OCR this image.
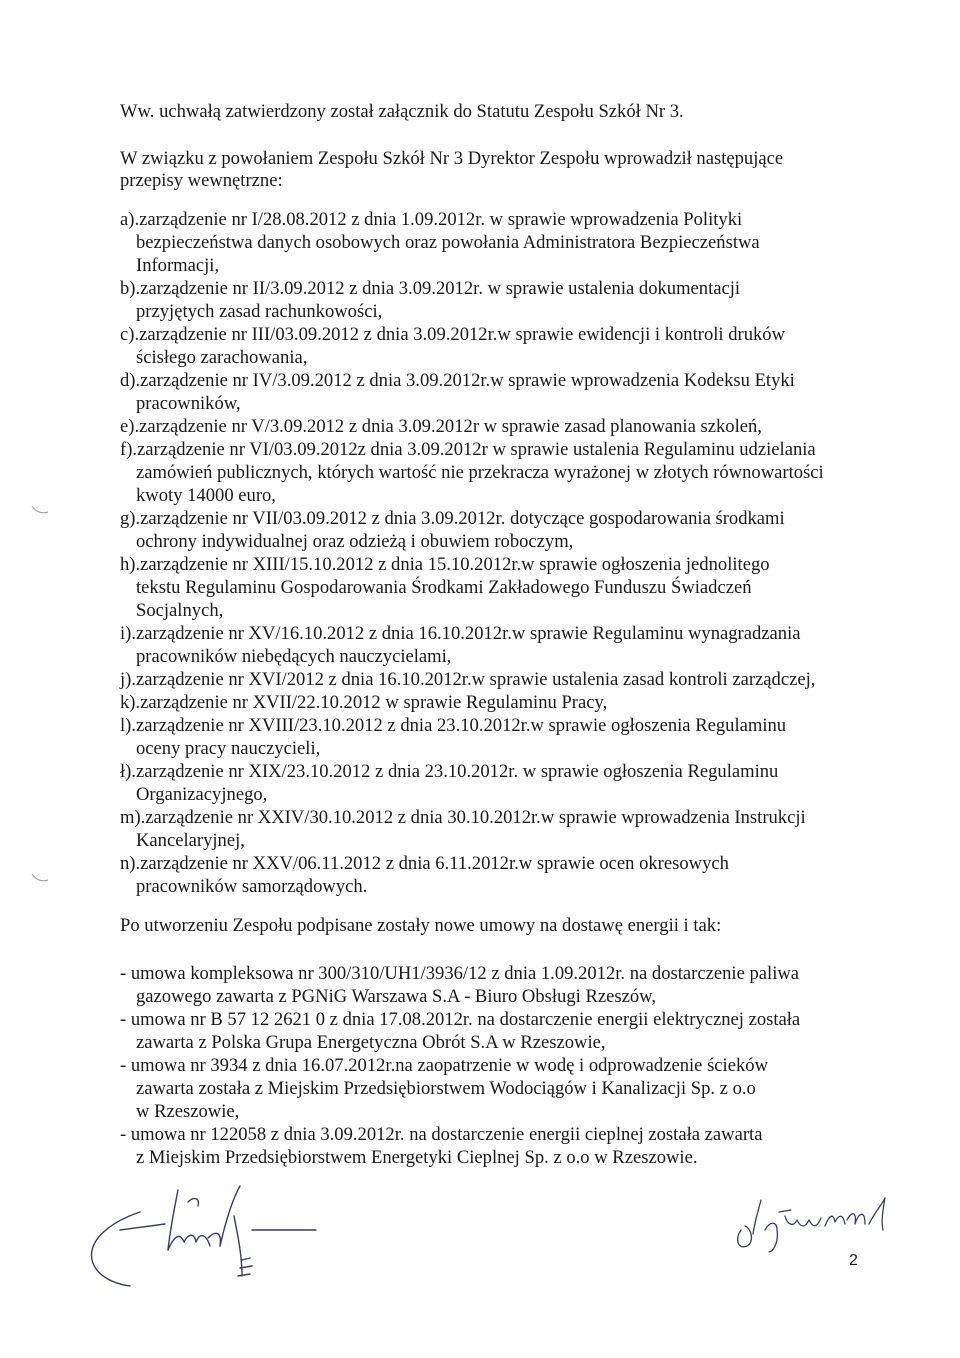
Ww. uchwałą zatwierdzony został załącznik do Statutu Zespołu Szkół Nr 3.
W związku z powołaniem Zespołu Szkół Nr 3 Dyrektor Zespołu wprowadził następujące
przepisy wewnętrzne:
a).zarządzenie nr I/28.08.2012 z dnia 1.09.2012r. w sprawie wprowadzenia Polityki
bezpieczeństwa danych osobowych oraz powołania Administratora Bezpieczeństwa
Informacji,
b).zarządzenie nr II/3.09.2012 z dnia 3.09.2012r. w sprawie ustalenia dokumentacji
przyjętych zasad rachunkowości,
c).zarządzenie nr III/03.09.2012 z dnia 3.09.2012r.w sprawie ewidencji i kontroli druków
ścisłego zarachowania,
d).zarządzenie nr IV/3.09.2012 z dnia 3.09.2012r.w sprawie wprowadzenia Kodeksu Etyki
pracowników,
e).zarządzenie nr V/3.09.2012 z dnia 3.09.2012r w sprawie zasad planowania szkoleń,
f).zarządzenie nr VI/03.09.2012z dnia 3.09.2012r w sprawie ustalenia Regulaminu udzielania
zamówień publicznych, których wartość nie przekracza wyrażonej w złotych równowartości
kwoty 14000 euro,
g).zarządzenie nr VII/03.09.2012 z dnia 3.09.2012r. dotyczące gospodarowania środkami
ochrony indywidualnej oraz odzieżą i obuwiem roboczym,
h).zarządzenie nr XIII/15.10.2012 z dnia 15.10.2012r.w sprawie ogłoszenia jednolitego
tekstu Regulaminu Gospodarowania Środkami Zakładowego Funduszu Świadczeń
Socjalnych,
i).zarządzenie nr XV/16.10.2012 z dnia 16.10.2012r.w sprawie Regulaminu wynagradzania
pracowników niebędących nauczycielami,
j).zarządzenie nr XVI/2012 z dnia 16.10.2012r.w sprawie ustalenia zasad kontroli zarządczej,
k).zarządzenie nr XVII/22.10.2012 w sprawie Regulaminu Pracy,
l).zarządzenie nr XVIII/23.10.2012 z dnia 23.10.2012r.w sprawie ogłoszenia Regulaminu
oceny pracy nauczycieli,
ł).zarządzenie nr XIX/23.10.2012 z dnia 23.10.2012r. w sprawie ogłoszenia Regulaminu
Organizacyjnego,
m).zarządzenie nr XXIV/30.10.2012 z dnia 30.10.2012r.w sprawie wprowadzenia Instrukcji
Kancelaryjnej,
n).zarządzenie nr XXV/06.11.2012 z dnia 6.11.2012r.w sprawie ocen okresowych
pracowników samorządowych.
Po utworzeniu Zespołu podpisane zostały nowe umowy na dostawę energii i tak:
- umowa kompleksowa nr 300/310/UH1/3936/12 z dnia 1.09.2012r. na dostarczenie paliwa
gazowego zawarta z PGNiG Warszawa S.A - Biuro Obsługi Rzeszów,
- umowa nr B 57 12 2621 0 z dnia 17.08.2012r. na dostarczenie energii elektrycznej została
zawarta z Polska Grupa Energetyczna Obrót S.A w Rzeszowie,
- umowa nr 3934 z dnia 16.07.2012r.na zaopatrzenie w wodę i odprowadzenie ścieków
zawarta została z Miejskim Przedsiębiorstwem Wodociągów i Kanalizacji Sp. z o.o
w Rzeszowie,
- umowa nr 122058 z dnia 3.09.2012r. na dostarczenie energii cieplnej została zawarta
z Miejskim Przedsiębiorstwem Energetyki Cieplnej Sp. z o.o w Rzeszowie.
2
